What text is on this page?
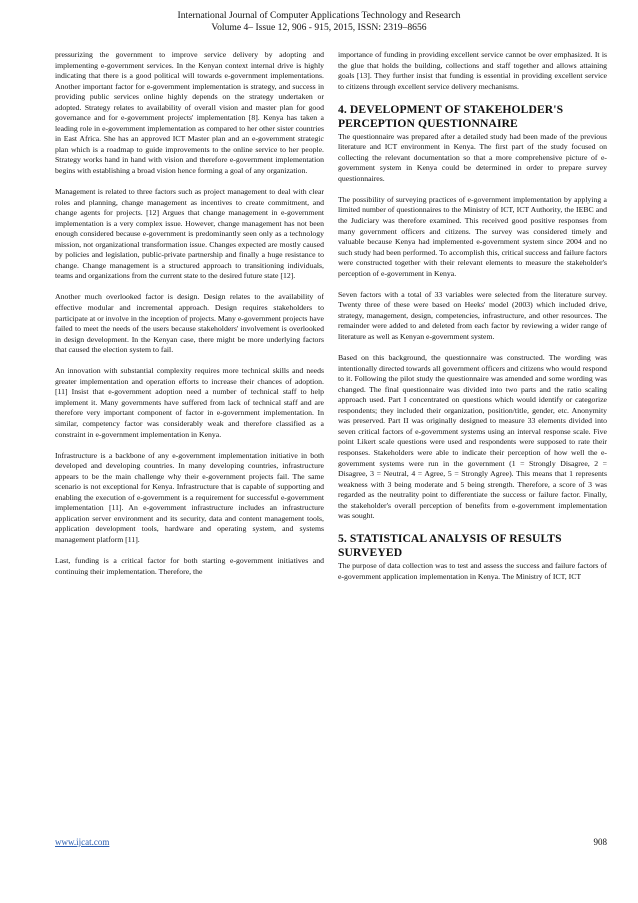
International Journal of Computer Applications Technology and Research
Volume 4– Issue 12, 906 - 915, 2015, ISSN: 2319–8656

pressurizing the government to improve service delivery by adopting and implementing e-government services. In the Kenyan context internal drive is highly indicating that there is a good political will towards e-government implementations. Another important factor for e-government implementation is strategy, and success in providing public services online highly depends on the strategy undertaken or adopted. Strategy relates to availability of overall vision and master plan for good governance and for e-government projects' implementation [8]. Kenya has taken a leading role in e-government implementation as compared to her other sister countries in East Africa. She has an approved ICT Master plan and an e-government strategic plan which is a roadmap to guide improvements to the online service to her people. Strategy works hand in hand with vision and therefore e-government implementation begins with establishing a broad vision hence forming a goal of any organization.

Management is related to three factors such as project management to deal with clear roles and planning, change management as incentives to create commitment, and change agents for projects. [12] Argues that change management in e-government implementation is a very complex issue. However, change management has not been enough considered because e-government is predominantly seen only as a technology mission, not organizational transformation issue. Changes expected are mostly caused by policies and legislation, public-private partnership and finally a huge resistance to change. Change management is a structured approach to transitioning individuals, teams and organizations from the current state to the desired future state [12].

Another much overlooked factor is design. Design relates to the availability of effective modular and incremental approach. Design requires stakeholders to participate at or involve in the inception of projects. Many e-government projects have failed to meet the needs of the users because stakeholders' involvement is overlooked in design development. In the Kenyan case, there might be more underlying factors that caused the election system to fail.

An innovation with substantial complexity requires more technical skills and needs greater implementation and operation efforts to increase their chances of adoption. [11] Insist that e-government adoption need a number of technical staff to help implement it. Many governments have suffered from lack of technical staff and are therefore very important component of factor in e-government implementation. In similar, competency factor was considerably weak and therefore classified as a constraint in e-government implementation in Kenya.

Infrastructure is a backbone of any e-government implementation initiative in both developed and developing countries. In many developing countries, infrastructure appears to be the main challenge why their e-government projects fail. The same scenario is not exceptional for Kenya. Infrastructure that is capable of supporting and enabling the execution of e-government is a requirement for successful e-government implementation [11]. An e-government infrastructure includes an infrastructure application server environment and its security, data and content management tools, application development tools, hardware and operating system, and systems management platform [11].

Last, funding is a critical factor for both starting e-government initiatives and continuing their implementation. Therefore, the

importance of funding in providing excellent service cannot be over emphasized. It is the glue that holds the building, collections and staff together and allows attaining goals [13]. They further insist that funding is essential in providing excellent service to citizens through excellent service delivery mechanisms.

4. DEVELOPMENT OF STAKEHOLDER'S PERCEPTION QUESTIONNAIRE

The questionnaire was prepared after a detailed study had been made of the previous literature and ICT environment in Kenya. The first part of the study focused on collecting the relevant documentation so that a more comprehensive picture of e-government system in Kenya could be determined in order to prepare survey questionnaires.

The possibility of surveying practices of e-government implementation by applying a limited number of questionnaires to the Ministry of ICT, ICT Authority, the IEBC and the Judiciary was therefore examined. This received good positive responses from many government officers and citizens. The survey was considered timely and valuable because Kenya had implemented e-government system since 2004 and no such study had been performed. To accomplish this, critical success and failure factors were constructed together with their relevant elements to measure the stakeholder's perception of e-government in Kenya.

Seven factors with a total of 33 variables were selected from the literature survey. Twenty three of these were based on Heeks' model (2003) which included drive, strategy, management, design, competencies, infrastructure, and other resources. The remainder were added to and deleted from each factor by reviewing a wider range of literature as well as Kenyan e-government system.

Based on this background, the questionnaire was constructed. The wording was intentionally directed towards all government officers and citizens who would respond to it. Following the pilot study the questionnaire was amended and some wording was changed. The final questionnaire was divided into two parts and the ratio scaling approach used. Part I concentrated on questions which would identify or categorize respondents; they included their organization, position/title, gender, etc. Anonymity was preserved. Part II was originally designed to measure 33 elements divided into seven critical factors of e-government systems using an interval response scale. Five point Likert scale questions were used and respondents were supposed to rate their responses. Stakeholders were able to indicate their perception of how well the e-government systems were run in the government (1 = Strongly Disagree, 2 = Disagree, 3 = Neutral, 4 = Agree, 5 = Strongly Agree). This means that 1 represents weakness with 3 being moderate and 5 being strength. Therefore, a score of 3 was regarded as the neutrality point to differentiate the success or failure factor. Finally, the stakeholder's overall perception of benefits from e-government implementation was sought.

5. STATISTICAL ANALYSIS OF RESULTS SURVEYED

The purpose of data collection was to test and assess the success and failure factors of e-government application implementation in Kenya. The Ministry of ICT, ICT

www.ijcat.com	908
